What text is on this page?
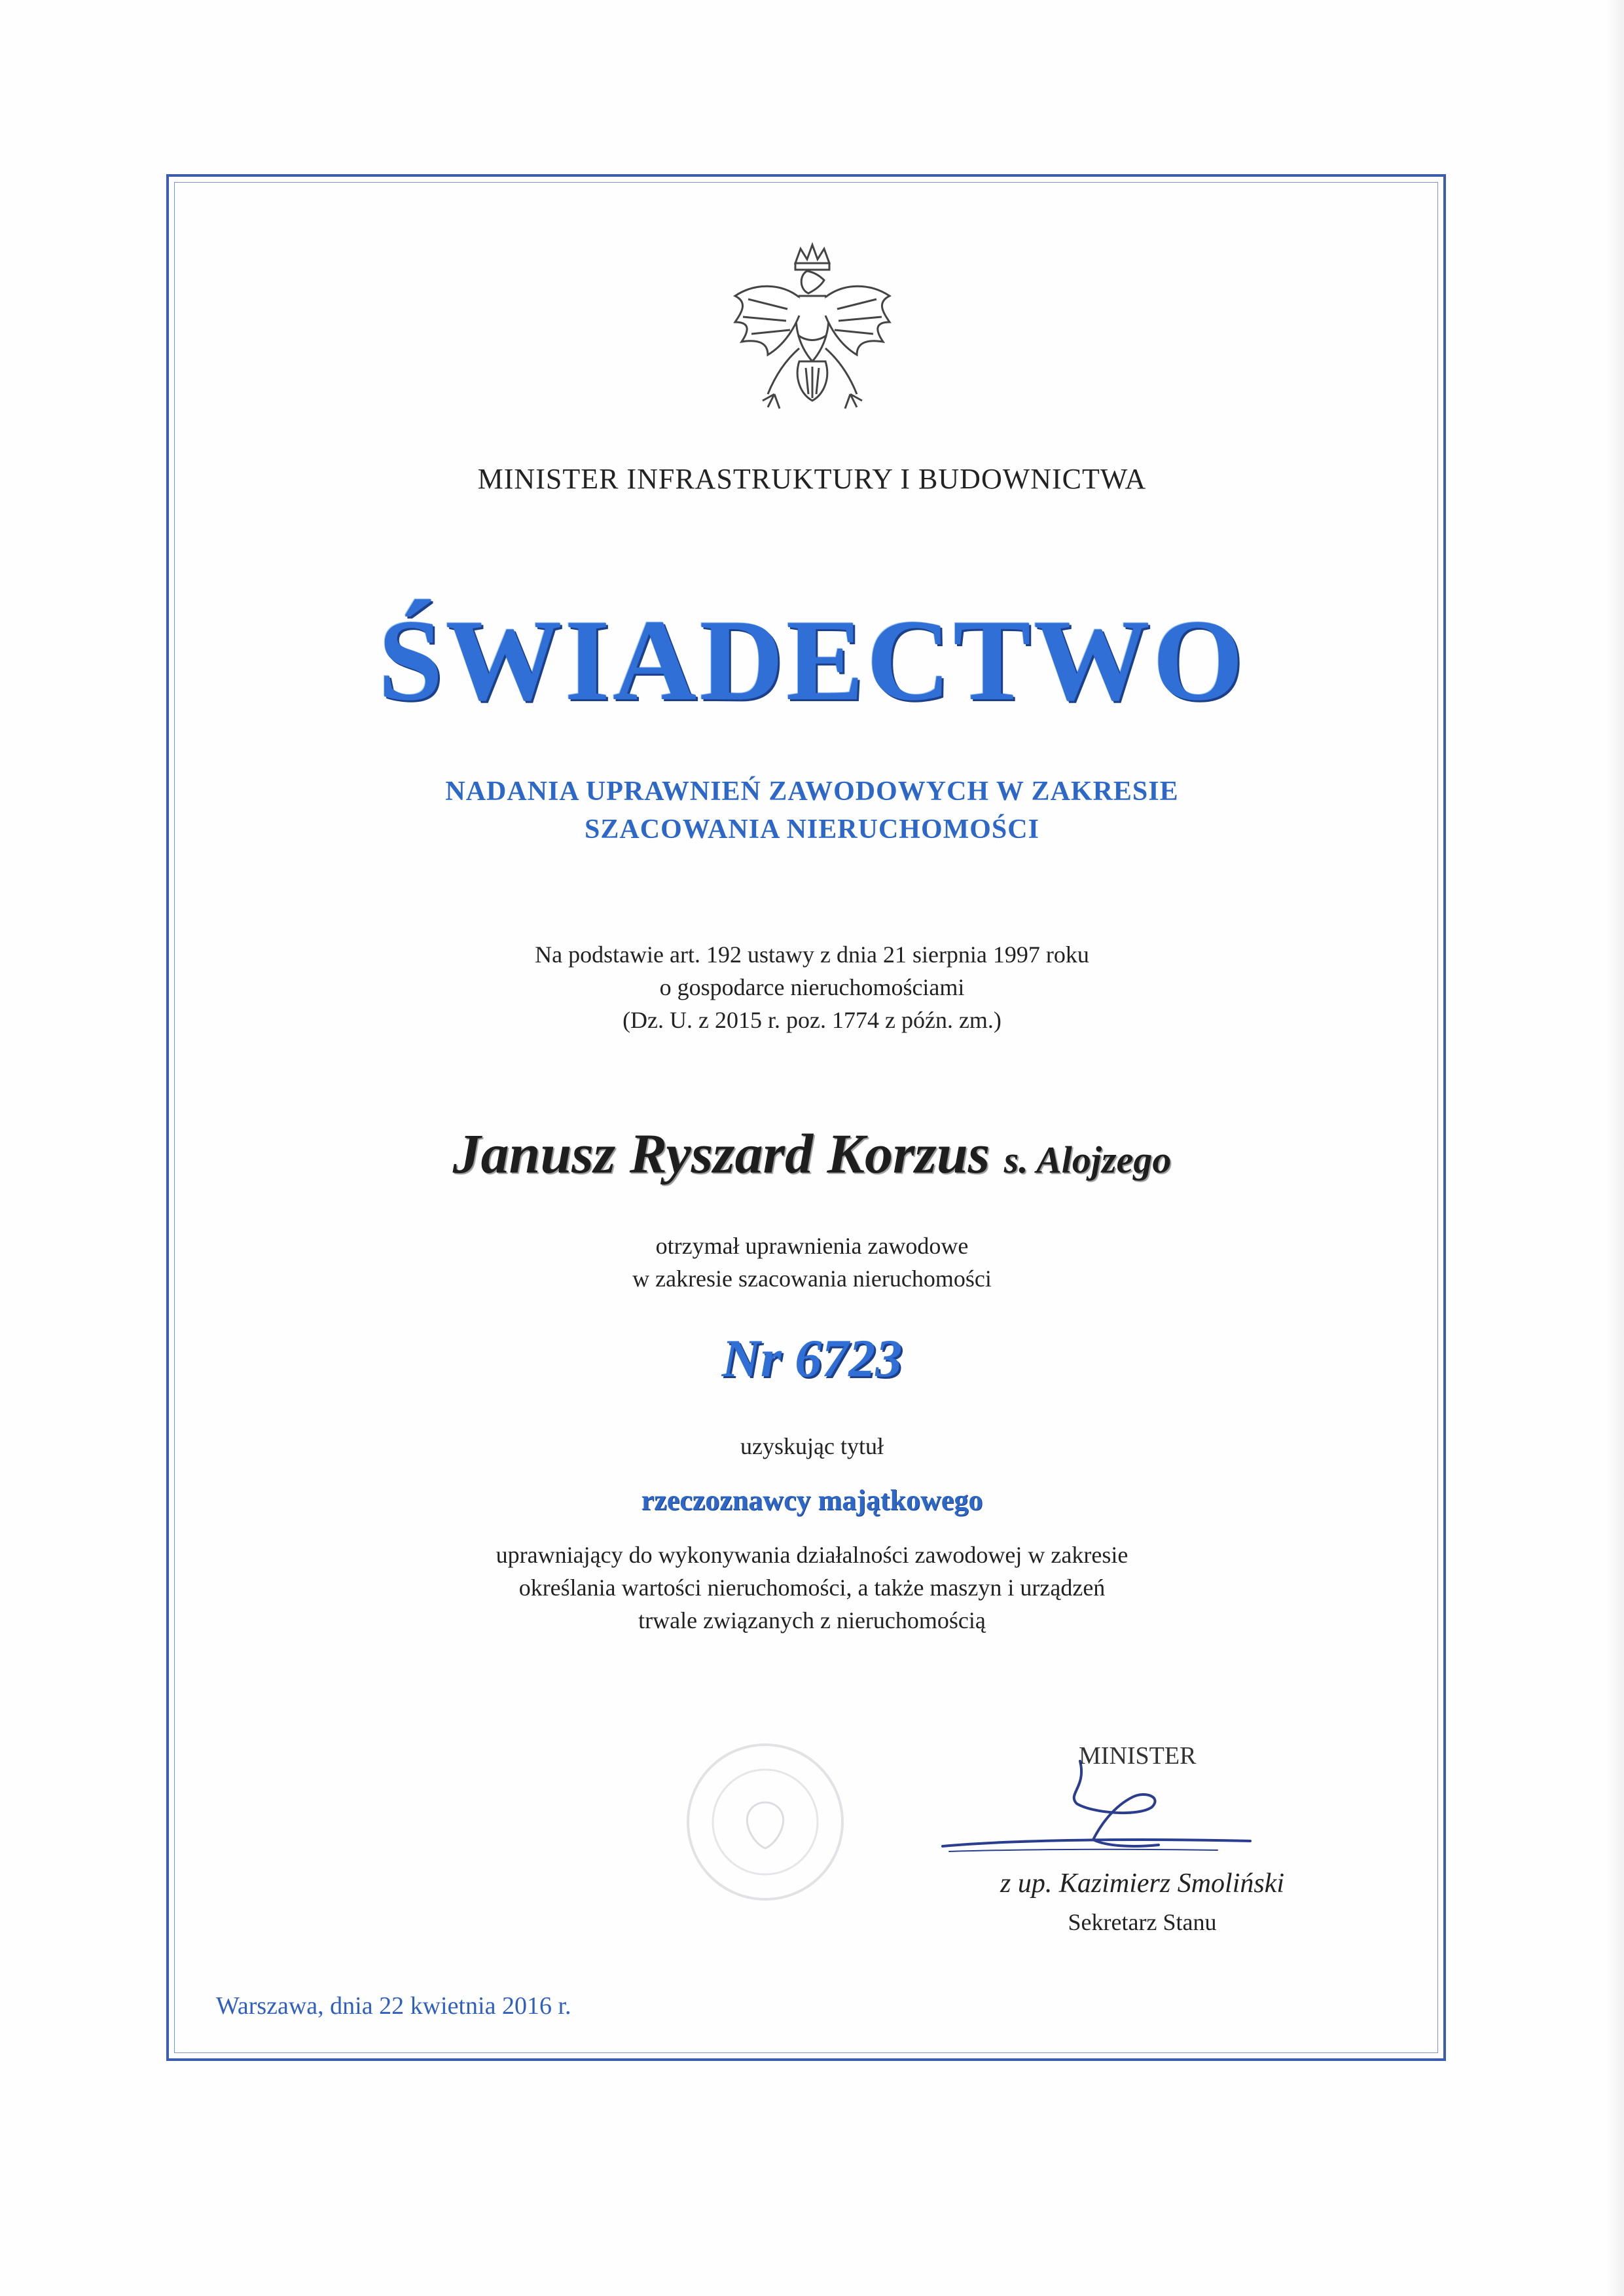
MINISTER INFRASTRUKTURY I BUDOWNICTWA
ŚWIADECTWO
NADANIA UPRAWNIEŃ ZAWODOWYCH W ZAKRESIE
SZACOWANIA NIERUCHOMOŚCI
Na podstawie art. 192 ustawy z dnia 21 sierpnia 1997 roku
o gospodarce nieruchomościami
(Dz. U. z 2015 r. poz. 1774 z późn. zm.)
Janusz Ryszard Korzus s. Alojzego
otrzymał uprawnienia zawodowe
w zakresie szacowania nieruchomości
Nr 6723
uzyskując tytuł
rzeczoznawcy majątkowego
uprawniający do wykonywania działalności zawodowej w zakresie
określania wartości nieruchomości, a także maszyn i urządzeń
trwale związanych z nieruchomością
MINISTER
z up. Kazimierz Smoliński
Sekretarz Stanu
Warszawa, dnia 22 kwietnia 2016 r.
